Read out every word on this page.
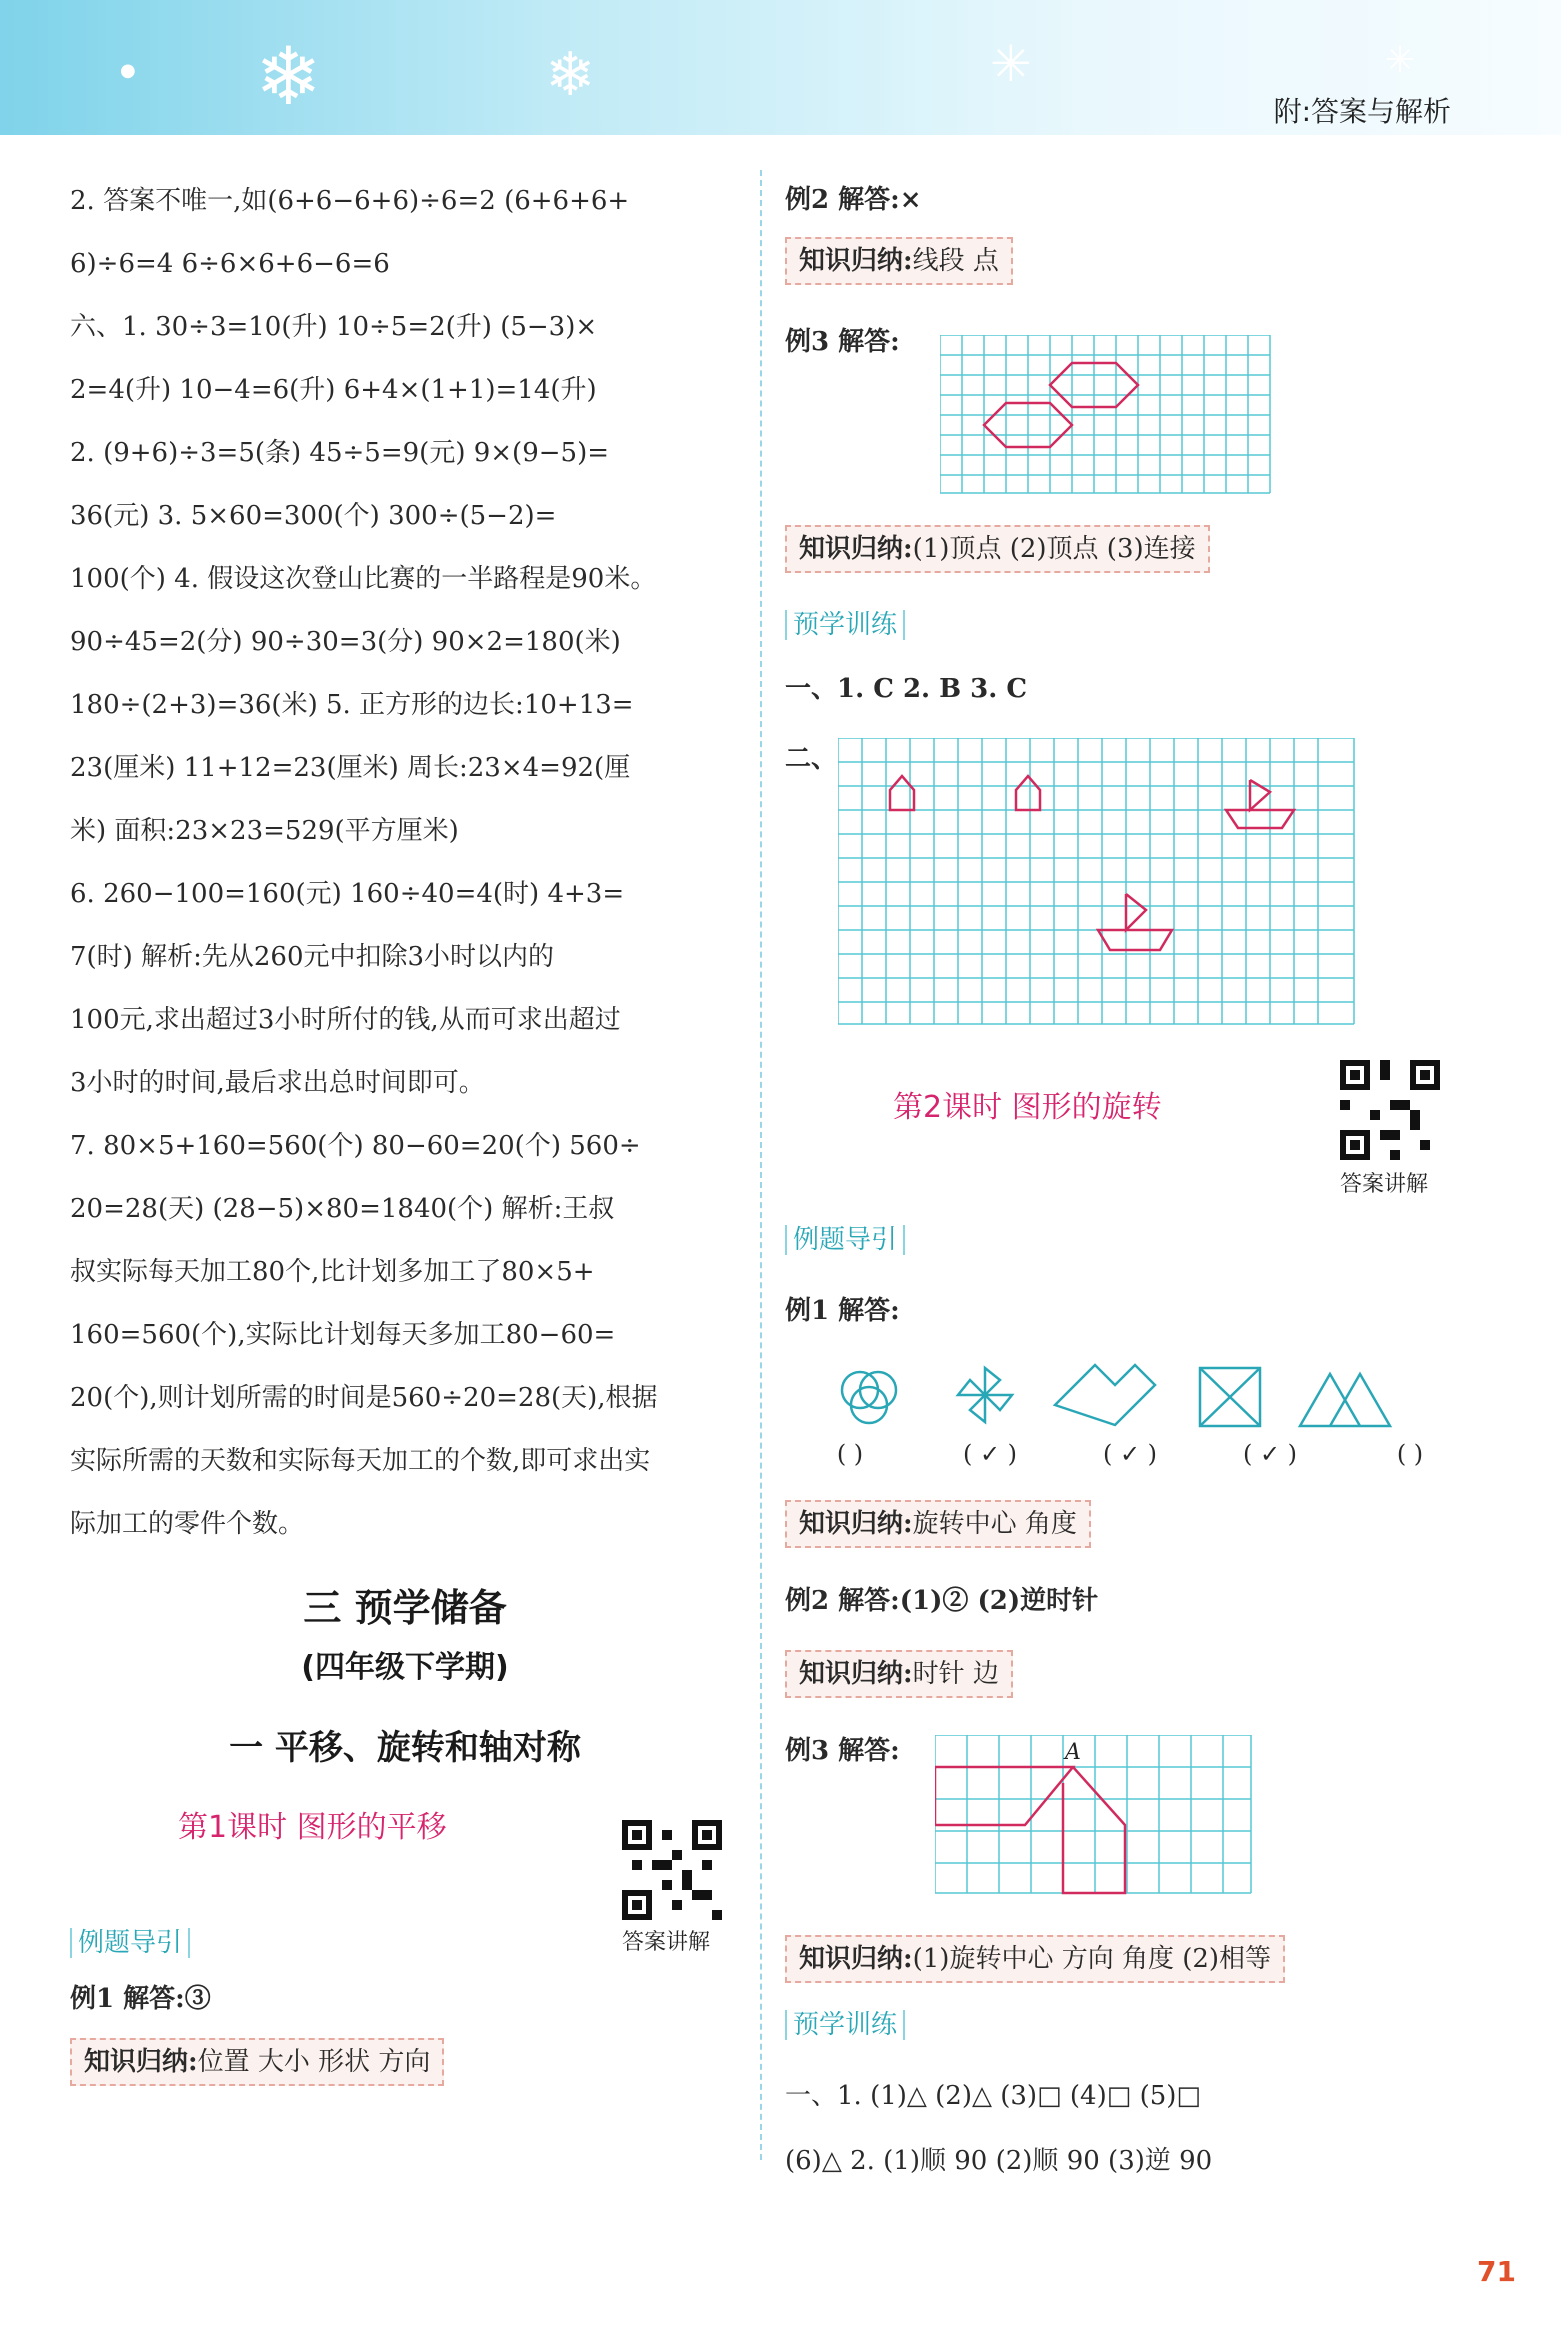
❄	❄	✳	✳
●
附:答案与解析
2. 答案不唯一,如(6+6−6+6)÷6=2 (6+6+6+
6)÷6=4 6÷6×6+6−6=6
六、1. 30÷3=10(升) 10÷5=2(升) (5−3)×
2=4(升) 10−4=6(升) 6+4×(1+1)=14(升)
2. (9+6)÷3=5(条) 45÷5=9(元) 9×(9−5)=
36(元) 3. 5×60=300(个) 300÷(5−2)=
100(个) 4. 假设这次登山比赛的一半路程是90米。
90÷45=2(分) 90÷30=3(分) 90×2=180(米)
180÷(2+3)=36(米) 5. 正方形的边长:10+13=
23(厘米) 11+12=23(厘米) 周长:23×4=92(厘
米) 面积:23×23=529(平方厘米)
6. 260−100=160(元) 160÷40=4(时) 4+3=
7(时) 解析:先从260元中扣除3小时以内的
100元,求出超过3小时所付的钱,从而可求出超过
3小时的时间,最后求出总时间即可。
7. 80×5+160=560(个) 80−60=20(个) 560÷
20=28(天) (28−5)×80=1840(个) 解析:王叔
叔实际每天加工80个,比计划多加工了80×5+
160=560(个),实际比计划每天多加工80−60=
20(个),则计划所需的时间是560÷20=28(天),根据
实际所需的天数和实际每天加工的个数,即可求出实
际加工的零件个数。
三 预学储备
(四年级下学期)
一 平移、旋转和轴对称
第1课时 图形的平移
例题导引
例1 解答:③
知识归纳:位置 大小 形状 方向
答案讲解
例2 解答:×
知识归纳:线段 点
例3 解答:
知识归纳:(1)顶点 (2)顶点 (3)连接
预学训练
一、1. C 2. B 3. C
二、
第2课时 图形的旋转
答案讲解
例题导引
例1 解答:
( )	( ✓ )	( ✓ )	( ✓ )	( )
知识归纳:旋转中心 角度
例2 解答:(1)② (2)逆时针
知识归纳:时针 边
例3 解答:	A
知识归纳:(1)旋转中心 方向 角度 (2)相等
预学训练
一、1. (1)△ (2)△ (3)□ (4)□ (5)□
(6)△ 2. (1)顺 90 (2)顺 90 (3)逆 90
71
